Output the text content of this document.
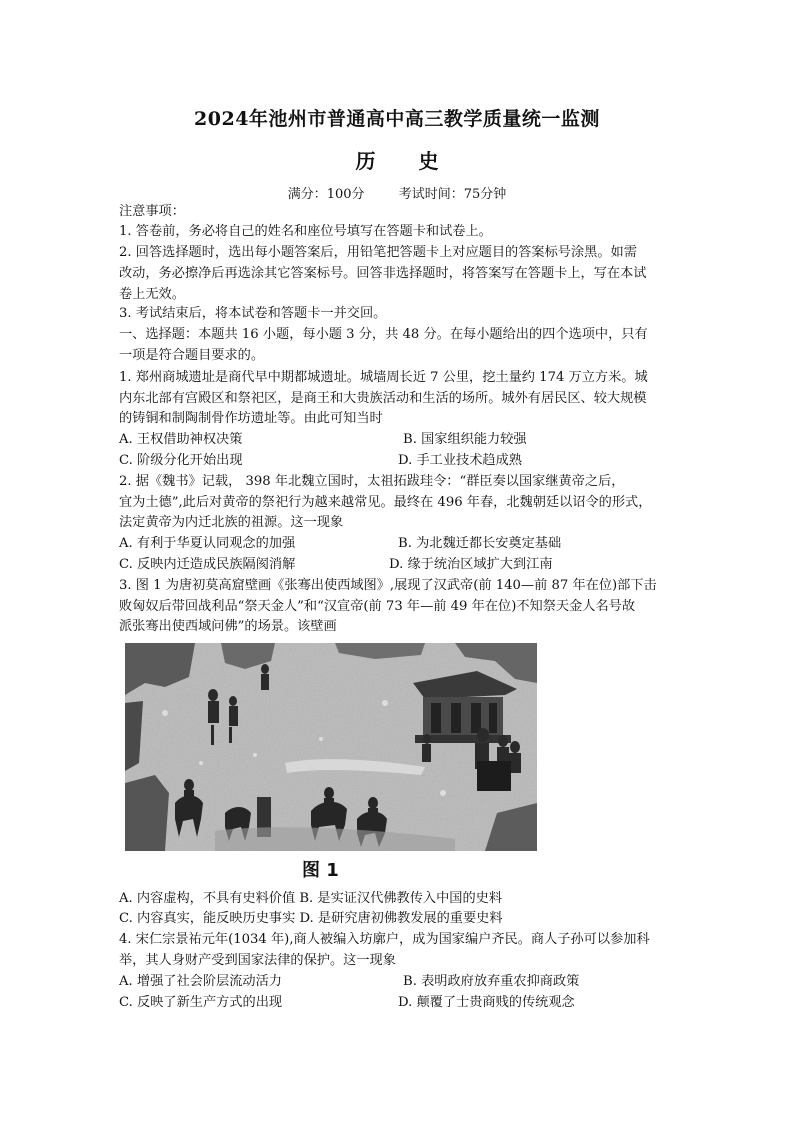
2024年池州市普通高中高三教学质量统一监测
历 史
满分：100分	考试时间：75分钟
注意事项：
1. 答卷前，务必将自己的姓名和座位号填写在答题卡和试卷上。
2. 回答选择题时，选出每小题答案后，用铅笔把答题卡上对应题目的答案标号涂黑。如需
改动，务必擦净后再选涂其它答案标号。回答非选择题时，将答案写在答题卡上，写在本试
卷上无效。
3. 考试结束后，将本试卷和答题卡一并交回。
一、选择题：本题共 16 小题，每小题 3 分，共 48 分。在每小题给出的四个选项中，只有
一项是符合题目要求的。
1. 郑州商城遗址是商代早中期都城遗址。城墙周长近 7 公里，挖土量约 174 万立方米。城
内东北部有宫殿区和祭祀区，是商王和大贵族活动和生活的场所。城外有居民区、较大规模
的铸铜和制陶制骨作坊遗址等。由此可知当时
A. 王权借助神权决策	B. 国家组织能力较强
C. 阶级分化开始出现	D. 手工业技术趋成熟
2. 据《魏书》记载， 398 年北魏立国时，太祖拓跋珪令：“群臣奏以国家继黄帝之后，
宜为土德”,此后对黄帝的祭祀行为越来越常见。最终在 496 年春，北魏朝廷以诏令的形式，
法定黄帝为内迁北族的祖源。这一现象
A. 有利于华夏认同观念的加强	B. 为北魏迁都长安奠定基础
C. 反映内迁造成民族隔阂消解	D. 缘于统治区域扩大到江南
3. 图 1 为唐初莫高窟壁画《张骞出使西域图》,展现了汉武帝(前 140—前 87 年在位)部下击
败匈奴后带回战利品“祭天金人”和“汉宣帝(前 73 年—前 49 年在位)不知祭天金人名号故
派张骞出使西域问佛”的场景。该壁画
图 1
A. 内容虚构，不具有史料价值 B. 是实证汉代佛教传入中国的史料
C. 内容真实，能反映历史事实 D. 是研究唐初佛教发展的重要史料
4. 宋仁宗景祐元年(1034 年),商人被编入坊廓户，成为国家编户齐民。商人子孙可以参加科
举，其人身财产受到国家法律的保护。这一现象
A. 增强了社会阶层流动活力	B. 表明政府放弃重农抑商政策
C. 反映了新生产方式的出现	D. 颠覆了士贵商贱的传统观念
